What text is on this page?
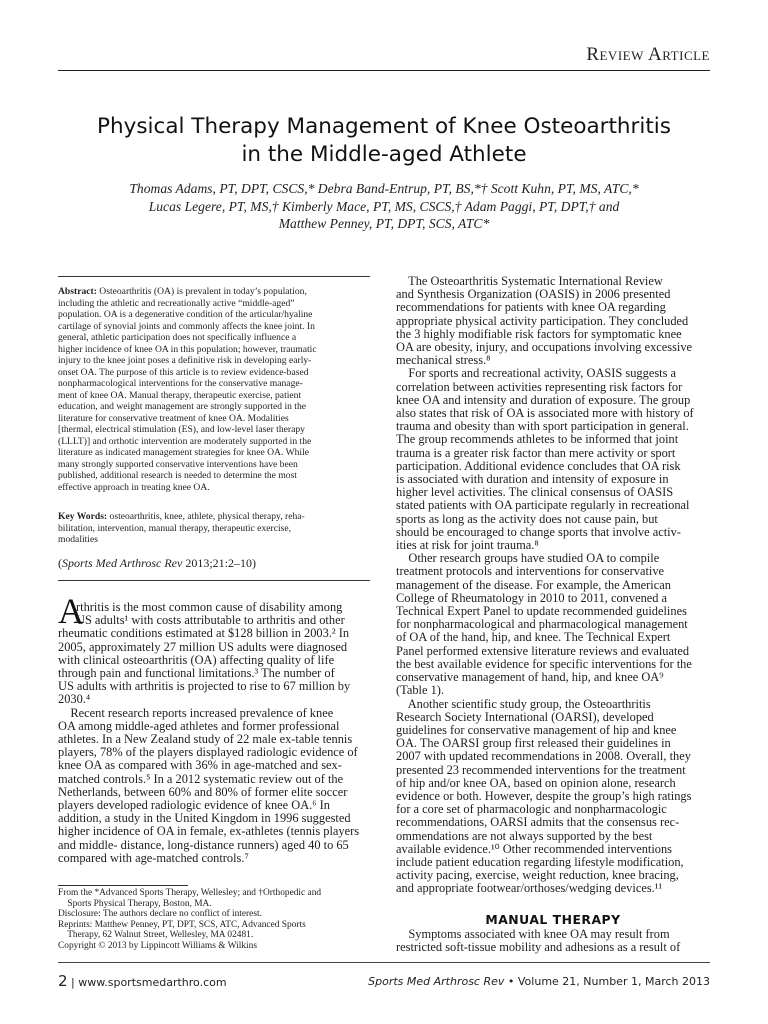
Review Article
Physical Therapy Management of Knee Osteoarthritis
in the Middle-aged Athlete
Thomas Adams, PT, DPT, CSCS,* Debra Band-Entrup, PT, BS,*† Scott Kuhn, PT, MS, ATC,*
Lucas Legere, PT, MS,† Kimberly Mace, PT, MS, CSCS,† Adam Paggi, PT, DPT,† and
Matthew Penney, PT, DPT, SCS, ATC*
Abstract: Osteoarthritis (OA) is prevalent in today’s population,
including the athletic and recreationally active “middle-aged”
population. OA is a degenerative condition of the articular/hyaline
cartilage of synovial joints and commonly affects the knee joint. In
general, athletic participation does not specifically influence a
higher incidence of knee OA in this population; however, traumatic
injury to the knee joint poses a definitive risk in developing early-
onset OA. The purpose of this article is to review evidence-based
nonpharmacological interventions for the conservative manage-
ment of knee OA. Manual therapy, therapeutic exercise, patient
education, and weight management are strongly supported in the
literature for conservative treatment of knee OA. Modalities
[thermal, electrical stimulation (ES), and low-level laser therapy
(LLLT)] and orthotic intervention are moderately supported in the
literature as indicated management strategies for knee OA. While
many strongly supported conservative interventions have been
published, additional research is needed to determine the most
effective approach in treating knee OA.
Key Words: osteoarthritis, knee, athlete, physical therapy, reha-
bilitation, intervention, manual therapy, therapeutic exercise,
modalities
(Sports Med Arthrosc Rev 2013;21:2–10)
A
rthritis is the most common cause of disability among
US adults¹ with costs attributable to arthritis and other
rheumatic conditions estimated at $128 billion in 2003.² In
2005, approximately 27 million US adults were diagnosed
with clinical osteoarthritis (OA) affecting quality of life
through pain and functional limitations.³ The number of
US adults with arthritis is projected to rise to 67 million by
2030.⁴
Recent research reports increased prevalence of knee
OA among middle-aged athletes and former professional
athletes. In a New Zealand study of 22 male ex-table tennis
players, 78% of the players displayed radiologic evidence of
knee OA as compared with 36% in age-matched and sex-
matched controls.⁵ In a 2012 systematic review out of the
Netherlands, between 60% and 80% of former elite soccer
players developed radiologic evidence of knee OA.⁶ In
addition, a study in the United Kingdom in 1996 suggested
higher incidence of OA in female, ex-athletes (tennis players
and middle- distance, long-distance runners) aged 40 to 65
compared with age-matched controls.⁷
From the *Advanced Sports Therapy, Wellesley; and †Orthopedic and
Sports Physical Therapy, Boston, MA.
Disclosure: The authors declare no conflict of interest.
Reprints: Matthew Penney, PT, DPT, SCS, ATC, Advanced Sports
Therapy, 62 Walnut Street, Wellesley, MA 02481.
Copyright © 2013 by Lippincott Williams & Wilkins
The Osteoarthritis Systematic International Review
and Synthesis Organization (OASIS) in 2006 presented
recommendations for patients with knee OA regarding
appropriate physical activity participation. They concluded
the 3 highly modifiable risk factors for symptomatic knee
OA are obesity, injury, and occupations involving excessive
mechanical stress.⁸
For sports and recreational activity, OASIS suggests a
correlation between activities representing risk factors for
knee OA and intensity and duration of exposure. The group
also states that risk of OA is associated more with history of
trauma and obesity than with sport participation in general.
The group recommends athletes to be informed that joint
trauma is a greater risk factor than mere activity or sport
participation. Additional evidence concludes that OA risk
is associated with duration and intensity of exposure in
higher level activities. The clinical consensus of OASIS
stated patients with OA participate regularly in recreational
sports as long as the activity does not cause pain, but
should be encouraged to change sports that involve activ-
ities at risk for joint trauma.⁸
Other research groups have studied OA to compile
treatment protocols and interventions for conservative
management of the disease. For example, the American
College of Rheumatology in 2010 to 2011, convened a
Technical Expert Panel to update recommended guidelines
for nonpharmacological and pharmacological management
of OA of the hand, hip, and knee. The Technical Expert
Panel performed extensive literature reviews and evaluated
the best available evidence for specific interventions for the
conservative management of hand, hip, and knee OA⁹
(Table 1).
Another scientific study group, the Osteoarthritis
Research Society International (OARSI), developed
guidelines for conservative management of hip and knee
OA. The OARSI group first released their guidelines in
2007 with updated recommendations in 2008. Overall, they
presented 23 recommended interventions for the treatment
of hip and/or knee OA, based on opinion alone, research
evidence or both. However, despite the group’s high ratings
for a core set of pharmacologic and nonpharmacologic
recommendations, OARSI admits that the consensus rec-
ommendations are not always supported by the best
available evidence.¹⁰ Other recommended interventions
include patient education regarding lifestyle modification,
activity pacing, exercise, weight reduction, knee bracing,
and appropriate footwear/orthoses/wedging devices.¹¹
MANUAL THERAPY
Symptoms associated with knee OA may result from
restricted soft-tissue mobility and adhesions as a result of
2 | www.sportsmedarthro.com	Sports Med Arthrosc Rev • Volume 21, Number 1, March 2013
